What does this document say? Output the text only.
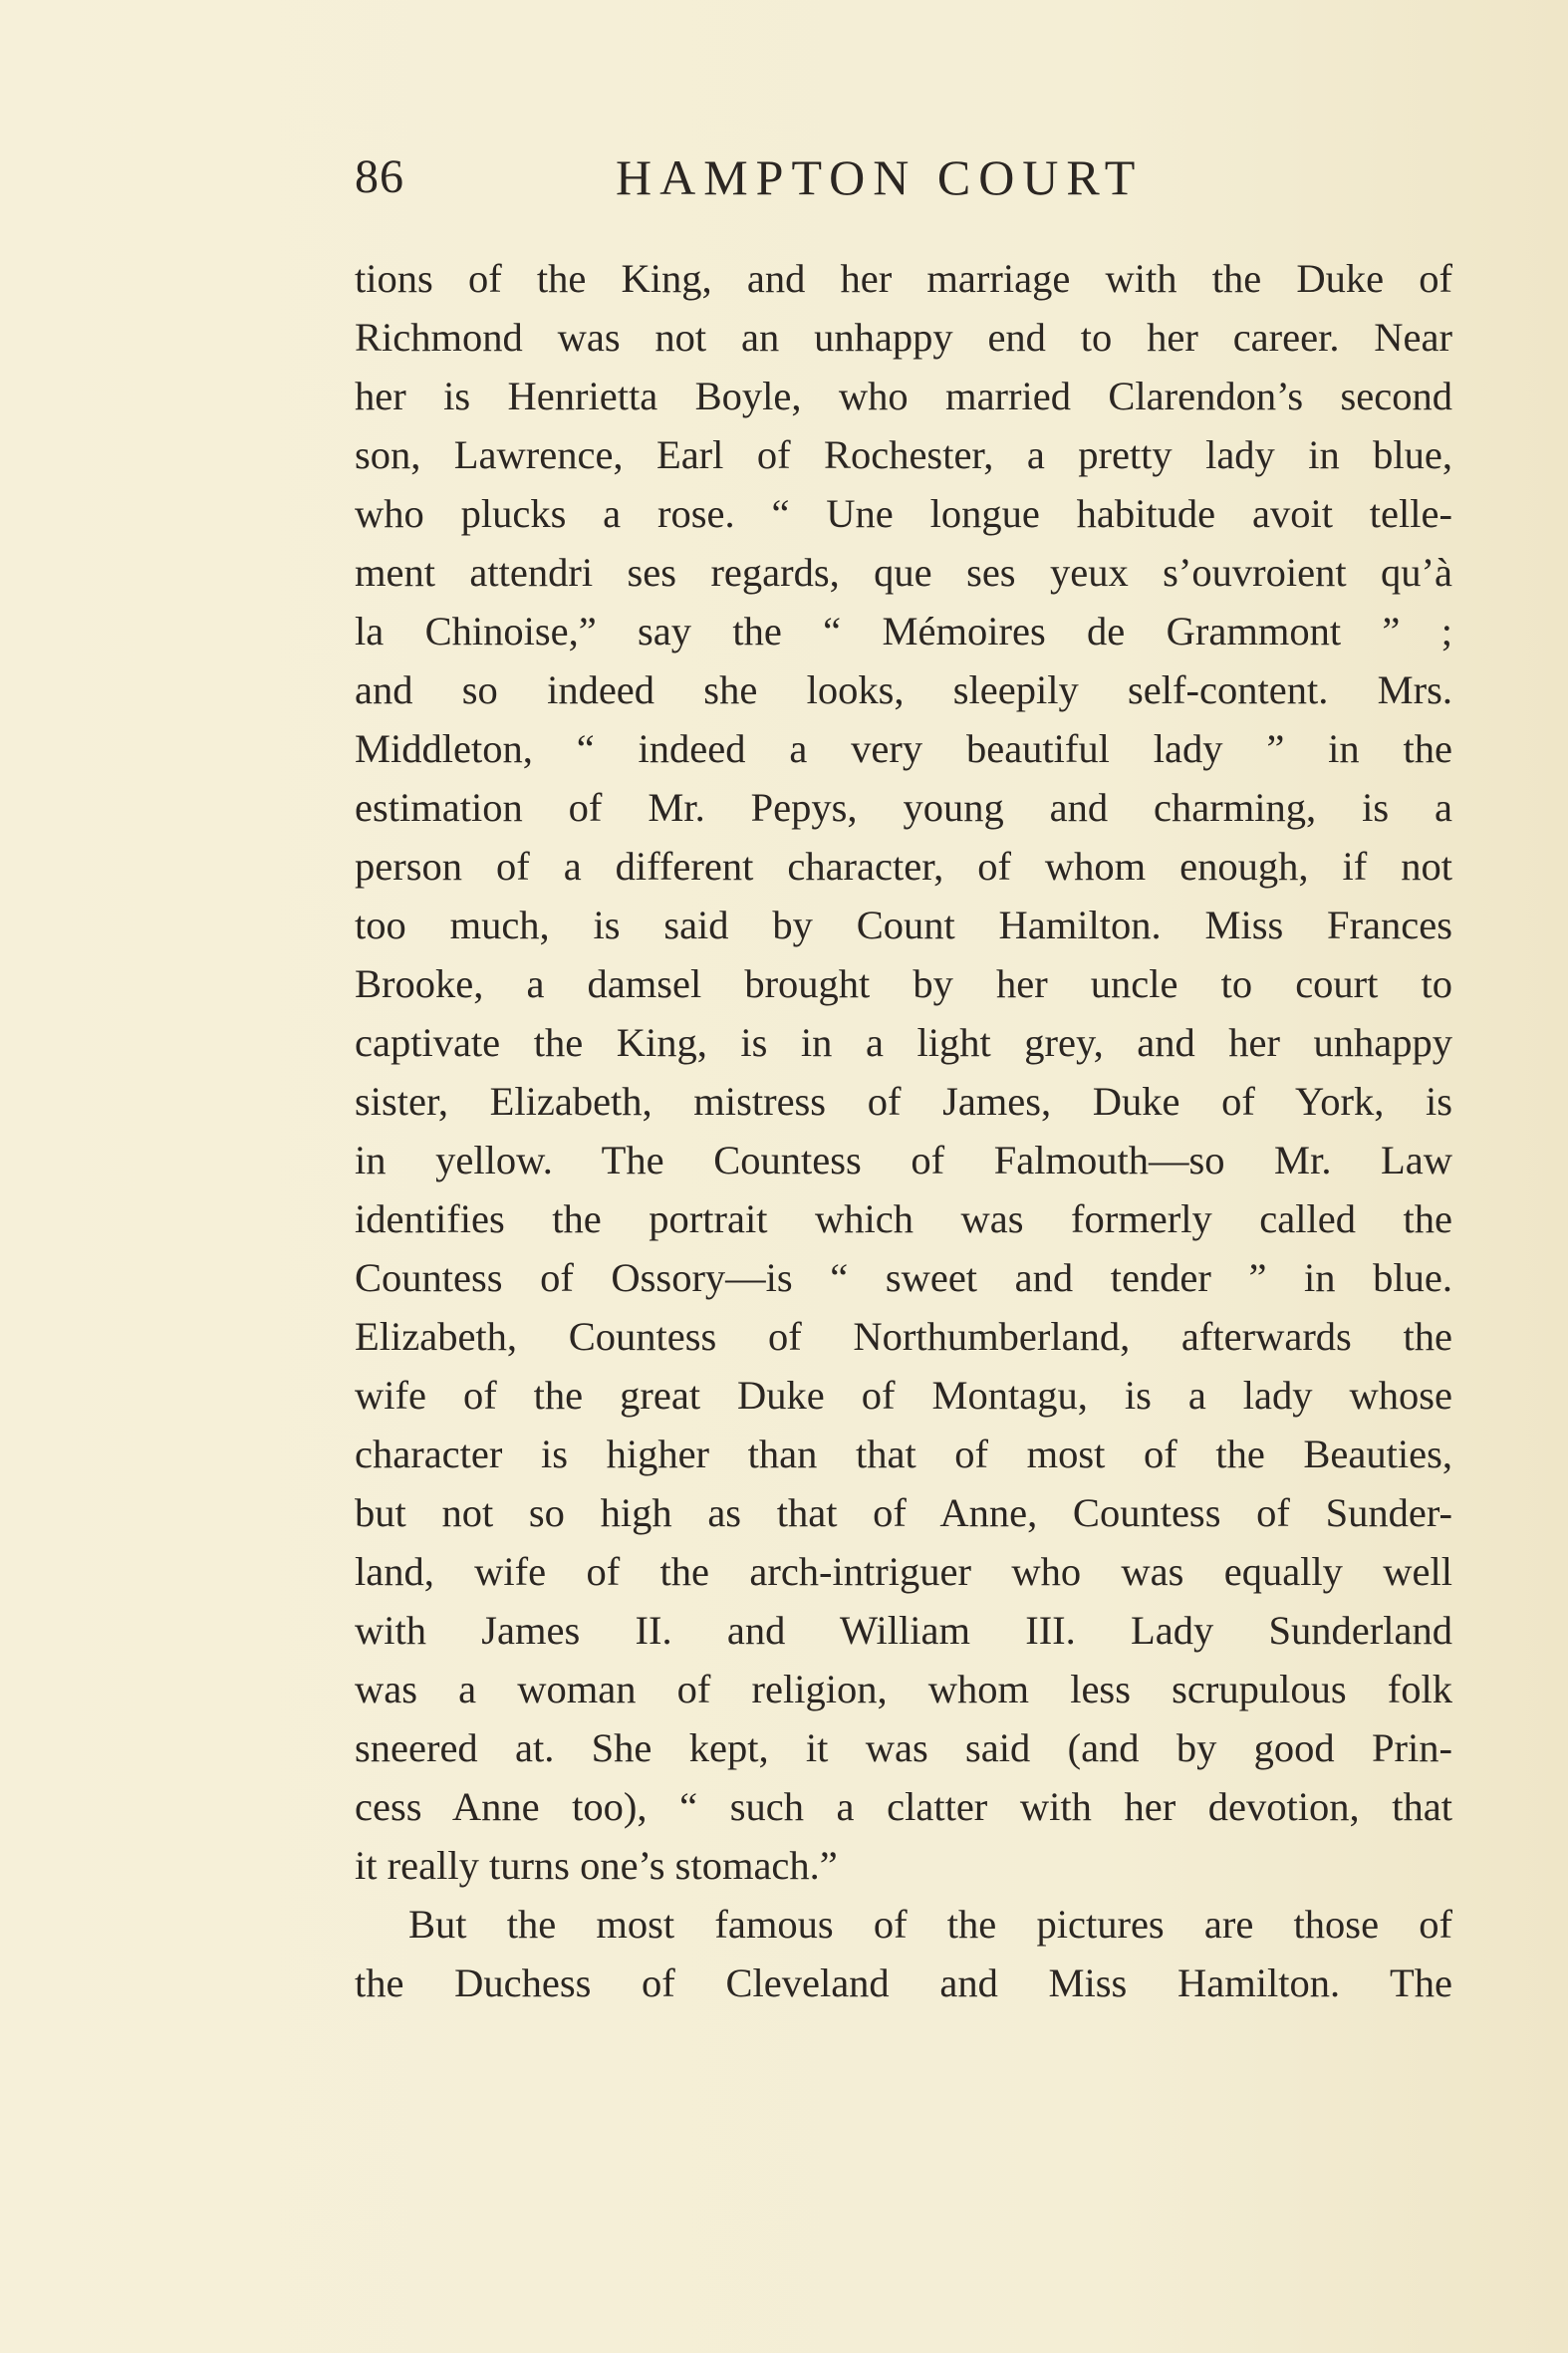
86	HAMPTON COURT
tions of the King, and her marriage with the Duke of
Richmond was not an unhappy end to her career. Near
her is Henrietta Boyle, who married Clarendon’s second
son, Lawrence, Earl of Rochester, a pretty lady in blue,
who plucks a rose. “ Une longue habitude avoit telle-
ment attendri ses regards, que ses yeux s’ouvroient qu’à
la Chinoise,” say the “ Mémoires de Grammont ” ;
and so indeed she looks, sleepily self-content. Mrs.
Middleton, “ indeed a very beautiful lady ” in the
estimation of Mr. Pepys, young and charming, is a
person of a different character, of whom enough, if not
too much, is said by Count Hamilton. Miss Frances
Brooke, a damsel brought by her uncle to court to
captivate the King, is in a light grey, and her unhappy
sister, Elizabeth, mistress of James, Duke of York, is
in yellow. The Countess of Falmouth—so Mr. Law
identifies the portrait which was formerly called the
Countess of Ossory—is “ sweet and tender ” in blue.
Elizabeth, Countess of Northumberland, afterwards the
wife of the great Duke of Montagu, is a lady whose
character is higher than that of most of the Beauties,
but not so high as that of Anne, Countess of Sunder-
land, wife of the arch-intriguer who was equally well
with James II. and William III. Lady Sunderland
was a woman of religion, whom less scrupulous folk
sneered at. She kept, it was said (and by good Prin-
cess Anne too), “ such a clatter with her devotion, that
it really turns one’s stomach.”
But the most famous of the pictures are those of
the Duchess of Cleveland and Miss Hamilton. The
